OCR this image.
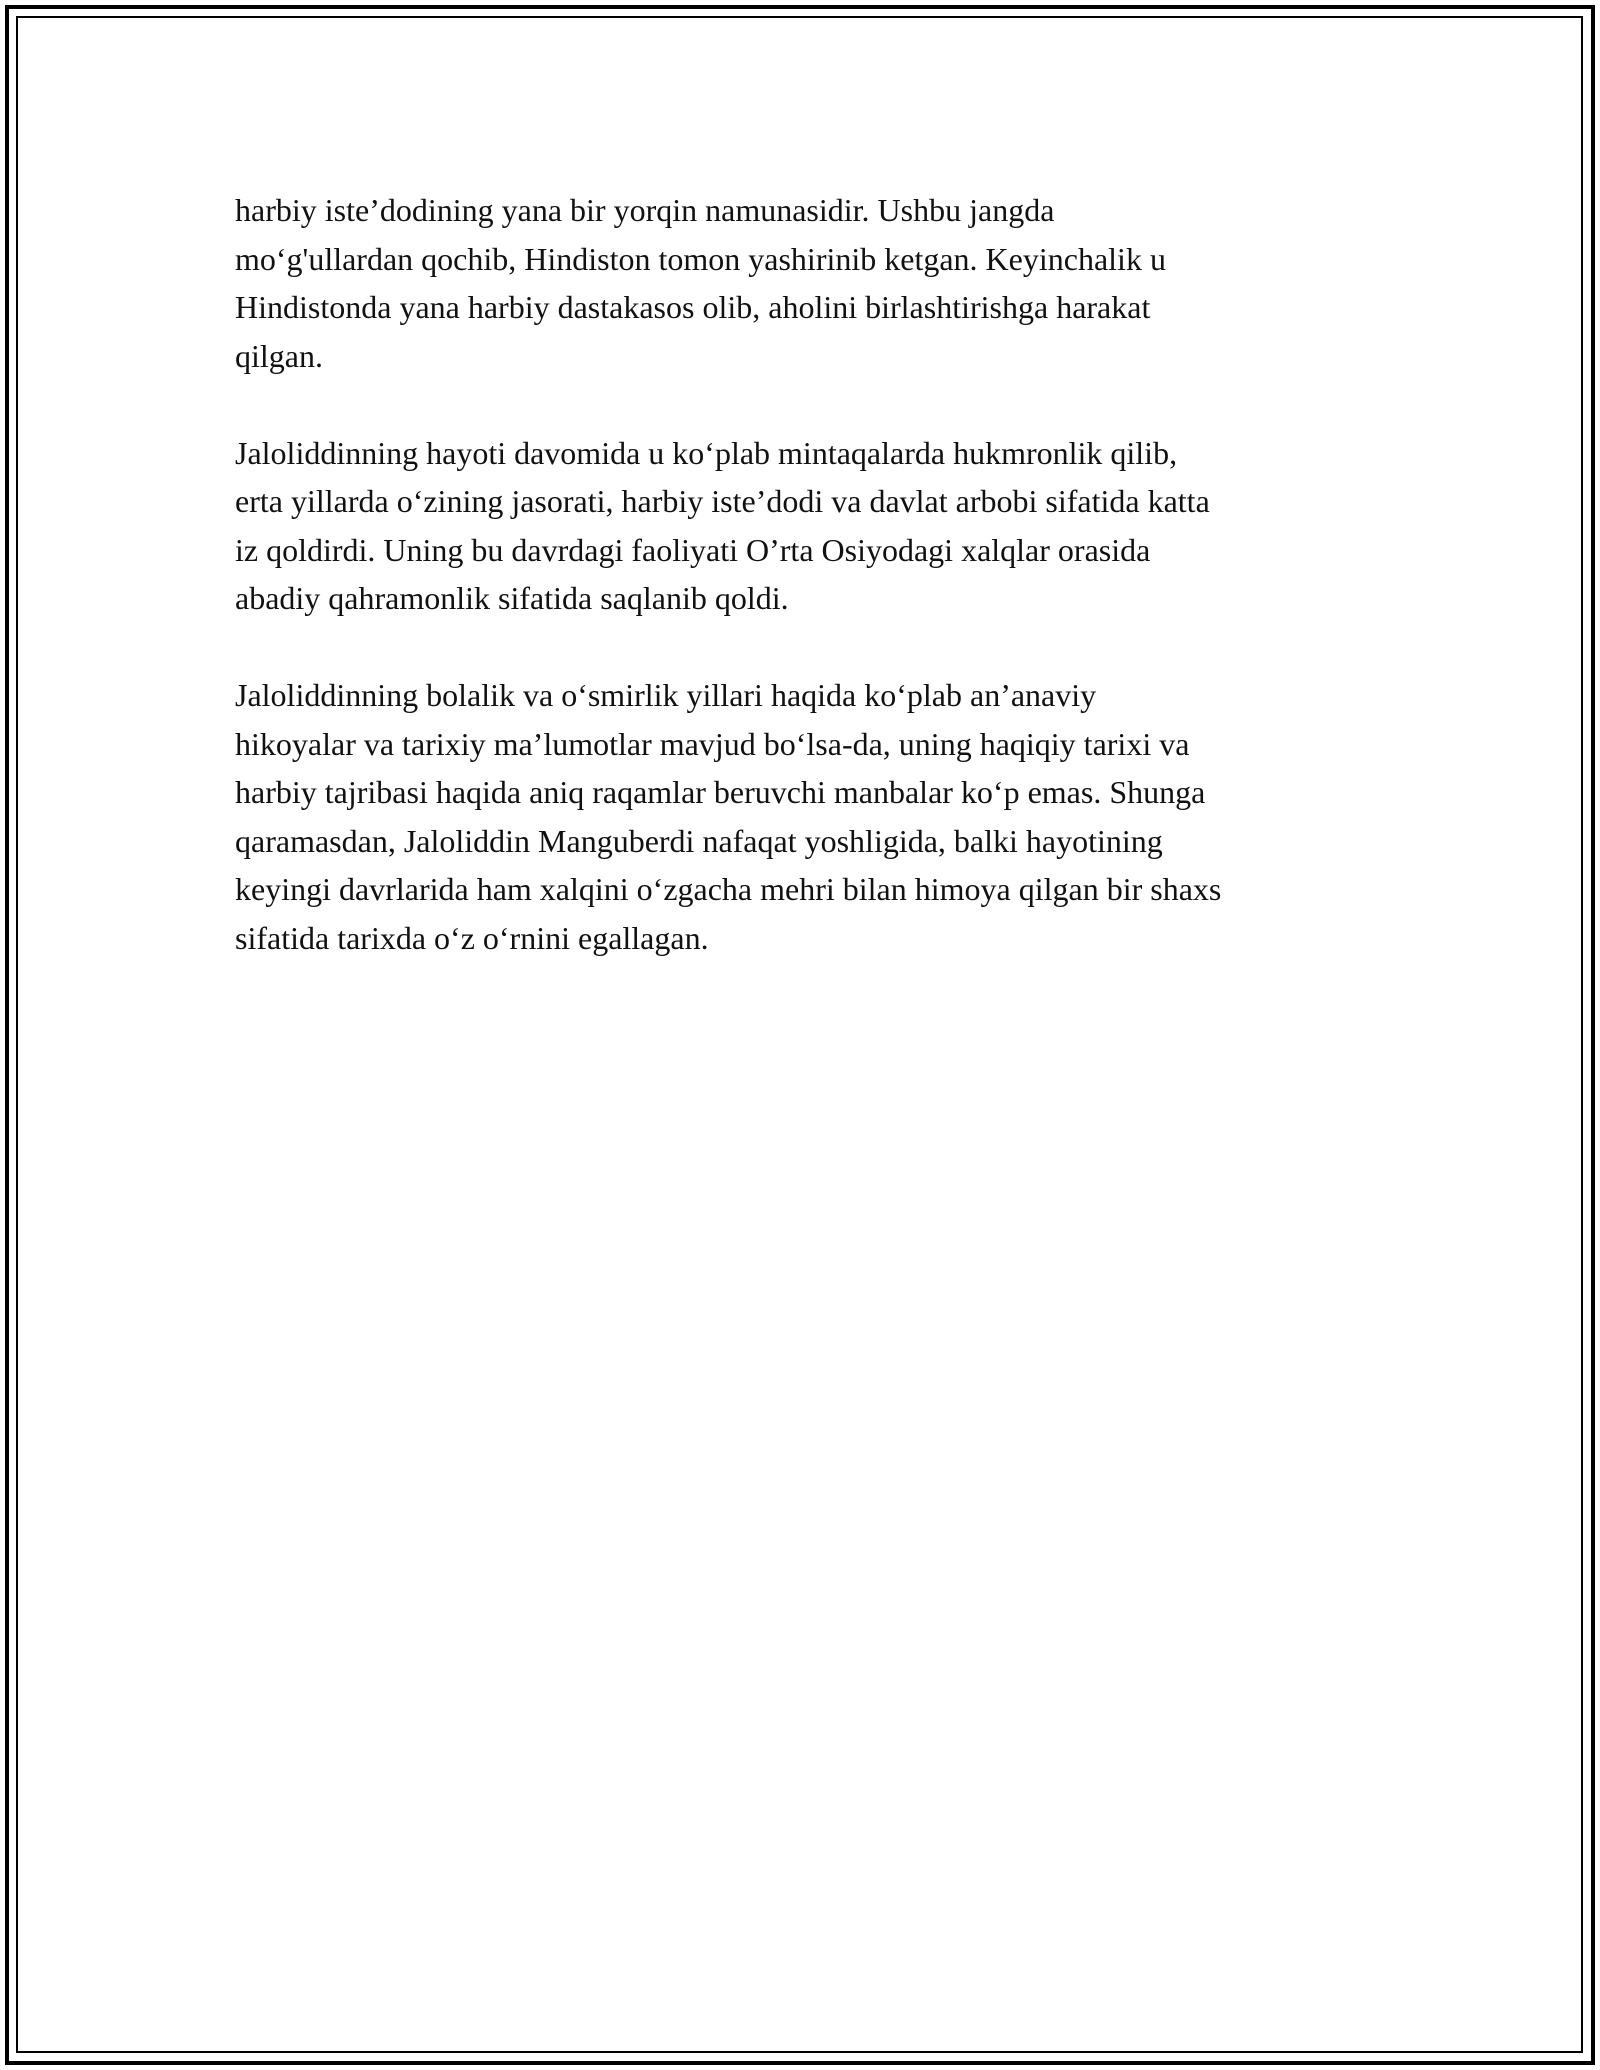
harbiy iste’dodining yana bir yorqin namunasidir. Ushbu jangda
mo‘g'ullardan qochib, Hindiston tomon yashirinib ketgan. Keyinchalik u
Hindistonda yana harbiy dastakasos olib, aholini birlashtirishga harakat
qilgan.
Jaloliddinning hayoti davomida u ko‘plab mintaqalarda hukmronlik qilib,
erta yillarda o‘zining jasorati, harbiy iste’dodi va davlat arbobi sifatida katta
iz qoldirdi. Uning bu davrdagi faoliyati O’rta Osiyodagi xalqlar orasida
abadiy qahramonlik sifatida saqlanib qoldi.
Jaloliddinning bolalik va o‘smirlik yillari haqida ko‘plab an’anaviy
hikoyalar va tarixiy ma’lumotlar mavjud bo‘lsa-da, uning haqiqiy tarixi va
harbiy tajribasi haqida aniq raqamlar beruvchi manbalar ko‘p emas. Shunga
qaramasdan, Jaloliddin Manguberdi nafaqat yoshligida, balki hayotining
keyingi davrlarida ham xalqini o‘zgacha mehri bilan himoya qilgan bir shaxs
sifatida tarixda o‘z o‘rnini egallagan.
